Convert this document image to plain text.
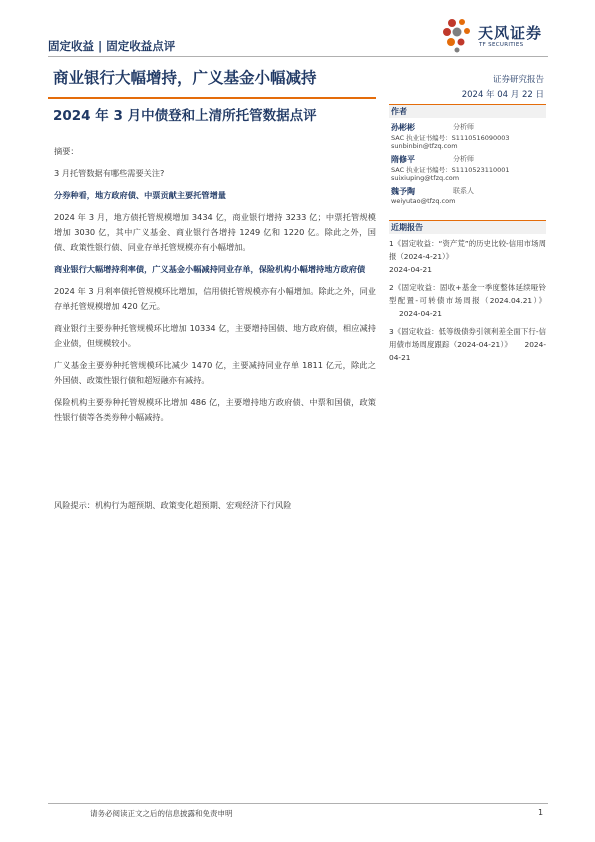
固定收益 | 固定收益点评
天风证券
TF SECURITIES
商业银行大幅增持，广义基金小幅减持	证券研究报告
2024 年 04 月 22 日
2024 年 3 月中债登和上清所托管数据点评	作者
孙彬彬	分析师
SAC 执业证书编号：S1110516090003
sunbinbin@tfzq.com
隋修平	分析师
SAC 执业证书编号：S1110523110001
suixiuping@tfzq.com
魏予陶	联系人
weiyutao@tfzq.com
近期报告
1《固定收益：“资产荒”的历史比较-信用市场周报（2024-4-21）》
2024-04-21
2《固定收益：固收+基金一季度整体延续哑铃型配置-可转债市场周报（2024.04.21）》 2024-04-21
3《固定收益：低等级债券引领利差全面下行-信用债市场周度跟踪（2024-04-21）》 2024-04-21

摘要：

3 月托管数据有哪些需要关注?

分券种看，地方政府债、中票贡献主要托管增量

2024 年 3 月，地方债托管规模增加 3434 亿，商业银行增持 3233 亿；中票托管规模增加 3030 亿，其中广义基金、商业银行各增持 1249 亿和 1220 亿。除此之外，国债、政策性银行债、同业存单托管规模亦有小幅增加。

商业银行大幅增持利率债，广义基金小幅减持同业存单，保险机构小幅增持地方政府债

2024 年 3 月利率债托管规模环比增加，信用债托管规模亦有小幅增加。除此之外，同业存单托管规模增加 420 亿元。

商业银行主要券种托管规模环比增加 10334 亿，主要增持国债、地方政府债，相应减持企业债，但规模较小。

广义基金主要券种托管规模环比减少 1470 亿，主要减持同业存单 1811 亿元，除此之外国债、政策性银行债和超短融亦有减持。

保险机构主要券种托管规模环比增加 486 亿，主要增持地方政府债、中票和国债，政策性银行债等各类券种小幅减持。

风险提示：机构行为超预期、政策变化超预期、宏观经济下行风险
请务必阅读正文之后的信息披露和免责申明	1
